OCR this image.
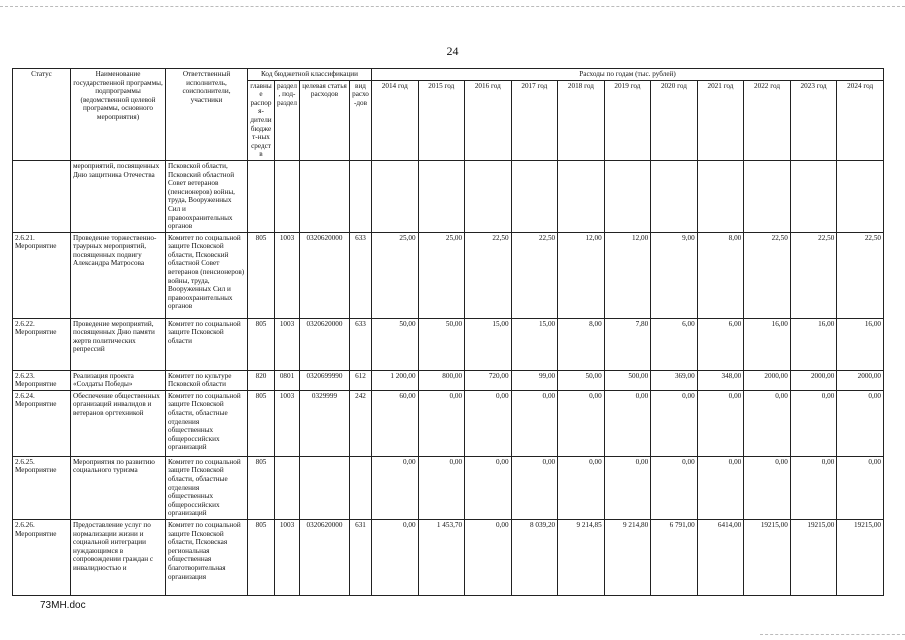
24
Статус	Наименование государственной программы, подпрограммы (ведомственной целевой программы, основного мероприятия)	Ответственный исполнитель, соисполнители, участники	Код бюджетной классификации				Расходы по годам (тыс. рублей)										
			главные распоря-дители бюджет-ных средств	раздел, под-раздел	целевая статья расходов	вид расхо-дов	2014 год	2015 год	2016 год	2017 год	2018 год	2019 год	2020 год	2021 год	2022 год	2023 год	2024 год
	мероприятий, посвященных Дню защитника Отечества	Псковской области, Псковский областной Совет ветеранов (пенсионеров) войны, труда, Вооруженных Сил и правоохранительных органов															
2.6.21. Мероприятие	Проведение торжественно-траурных мероприятий, посвященных подвигу Александра Матросова	Комитет по социальной защите Псковской области, Псковский областной Совет ветеранов (пенсионеров) войны, труда, Вооруженных Сил и правоохранительных органов	805	1003	0320620000	633	25,00	25,00	22,50	22,50	12,00	12,00	9,00	8,00	22,50	22,50	22,50
2.6.22. Мероприятие	Проведение мероприятий, посвященных Дню памяти жертв политических репрессий	Комитет по социальной защите Псковской области	805	1003	0320620000	633	50,00	50,00	15,00	15,00	8,00	7,80	6,00	6,00	16,00	16,00	16,00
2.6.23. Мероприятие	Реализация проекта «Солдаты Победы»	Комитет по культуре Псковской области	820	0801	0320699990	612	1 200,00	800,00	720,00	99,00	50,00	500,00	369,00	348,00	2000,00	2000,00	2000,00
2.6.24. Мероприятие	Обеспечение общественных организаций инвалидов и ветеранов оргтехникой	Комитет по социальной защите Псковской области, областные отделения общественных общероссийских организаций	805	1003	0329999	242	60,00	0,00	0,00	0,00	0,00	0,00	0,00	0,00	0,00	0,00	0,00
2.6.25. Мероприятие	Мероприятия по развитию социального туризма	Комитет по социальной защите Псковской области, областные отделения общественных общероссийских организаций	805				0,00	0,00	0,00	0,00	0,00	0,00	0,00	0,00	0,00	0,00	0,00
2.6.26. Мероприятие	Предоставление услуг по нормализации жизни и социальной интеграции нуждающимся в сопровождении граждан с инвалидностью и	Комитет по социальной защите Псковской области, Псковская региональная общественная благотворительная организация	805	1003	0320620000	631	0,00	1 453,70	0,00	8 039,20	9 214,85	9 214,80	6 791,00	6414,00	19215,00	19215,00	19215,00
73МН.doc
